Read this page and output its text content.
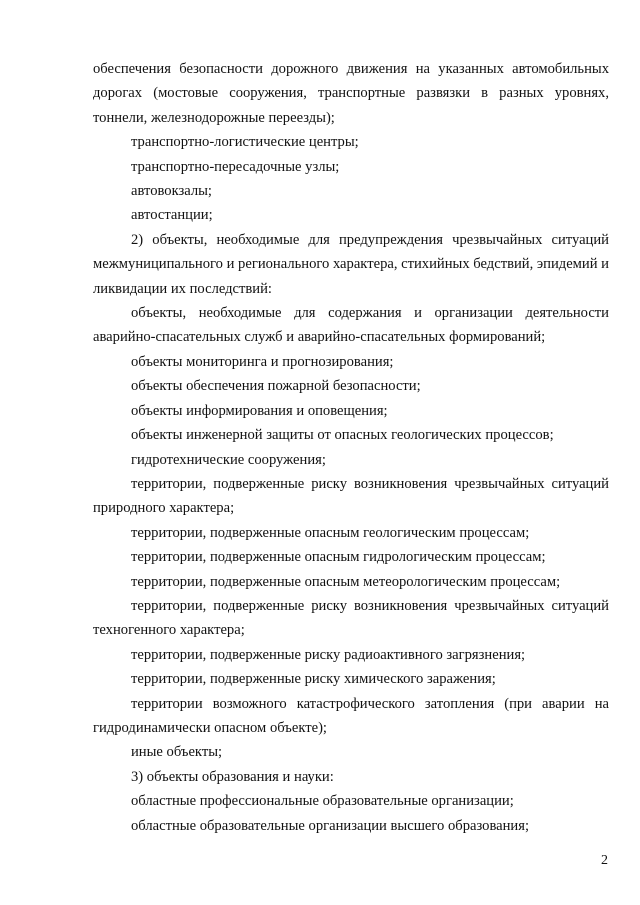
обеспечения безопасности дорожного движения на указанных автомобильных дорогах (мостовые сооружения, транспортные развязки в разных уровнях, тоннели, железнодорожные переезды);

транспортно-логистические центры;

транспортно-пересадочные узлы;

автовокзалы;

автостанции;

2) объекты, необходимые для предупреждения чрезвычайных ситуаций межмуниципального и регионального характера, стихийных бедствий, эпидемий и ликвидации их последствий:

объекты, необходимые для содержания и организации деятельности аварийно-спасательных служб и аварийно-спасательных формирований;

объекты мониторинга и прогнозирования;

объекты обеспечения пожарной безопасности;

объекты информирования и оповещения;

объекты инженерной защиты от опасных геологических процессов;

гидротехнические сооружения;

территории, подверженные риску возникновения чрезвычайных ситуаций природного характера;

территории, подверженные опасным геологическим процессам;

территории, подверженные опасным гидрологическим процессам;

территории, подверженные опасным метеорологическим процессам;

территории, подверженные риску возникновения чрезвычайных ситуаций техногенного характера;

территории, подверженные риску радиоактивного загрязнения;

территории, подверженные риску химического заражения;

территории возможного катастрофического затопления (при аварии на гидродинамически опасном объекте);

иные объекты;

3) объекты образования и науки:

областные профессиональные образовательные организации;

областные образовательные организации высшего образования;

2
